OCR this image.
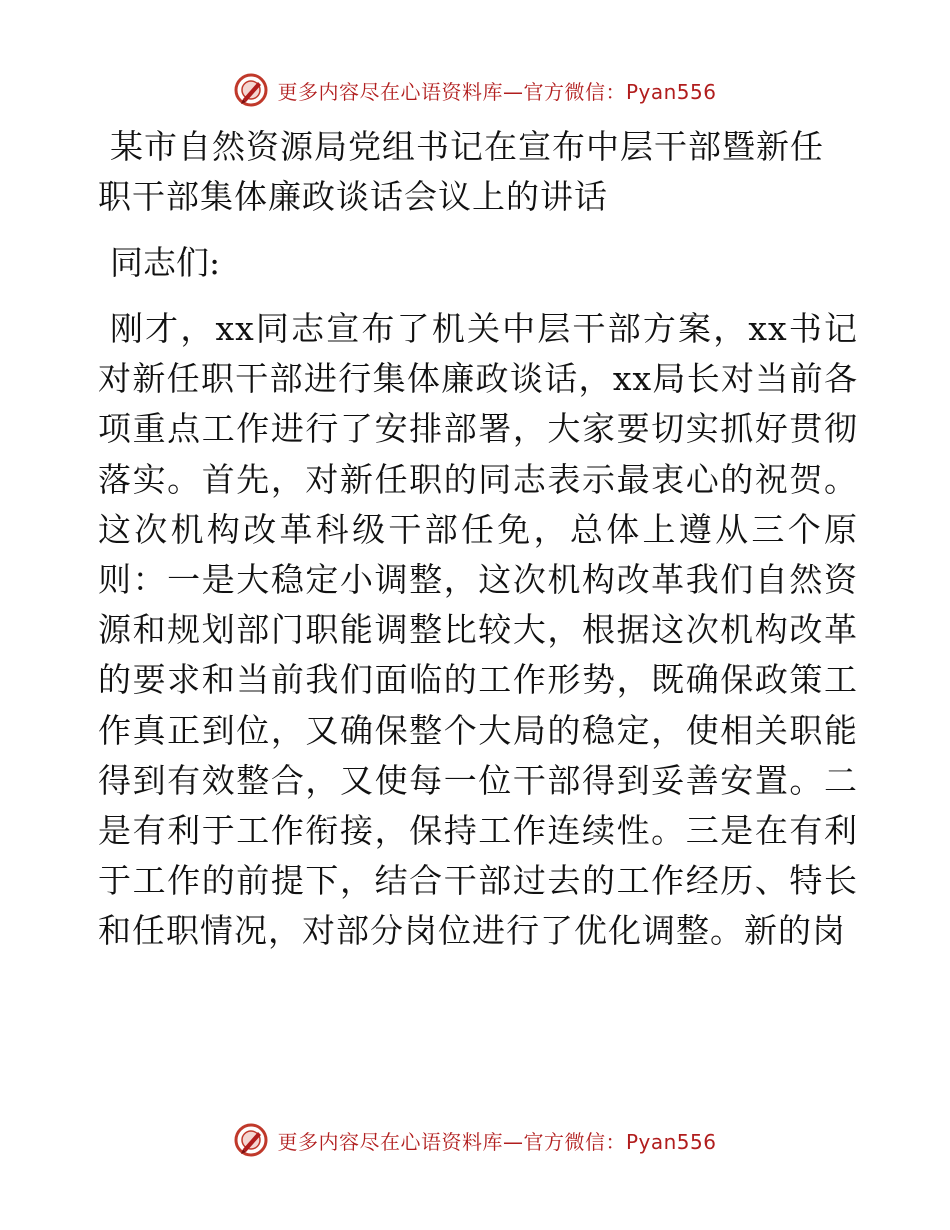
更多内容尽在心语资料库—官方微信：Pyan556
某市自然资源局党组书记在宣布中层干部暨新任
职干部集体廉政谈话会议上的讲话

同志们:

刚才，xx同志宣布了机关中层干部方案，xx书记对新任职干部进行集体廉政谈话，xx局长对当前各项重点工作进行了安排部署，大家要切实抓好贯彻落实。首先，对新任职的同志表示最衷心的祝贺。这次机构改革科级干部任免，总体上遵从三个原则：一是大稳定小调整，这次机构改革我们自然资源和规划部门职能调整比较大，根据这次机构改革的要求和当前我们面临的工作形势，既确保政策工作真正到位，又确保整个大局的稳定，使相关职能得到有效整合，又使每一位干部得到妥善安置。二是有利于工作衔接，保持工作连续性。三是在有利于工作的前提下，结合干部过去的工作经历、特长和任职情况，对部分岗位进行了优化调整。新的岗

更多内容尽在心语资料库—官方微信：Pyan556
